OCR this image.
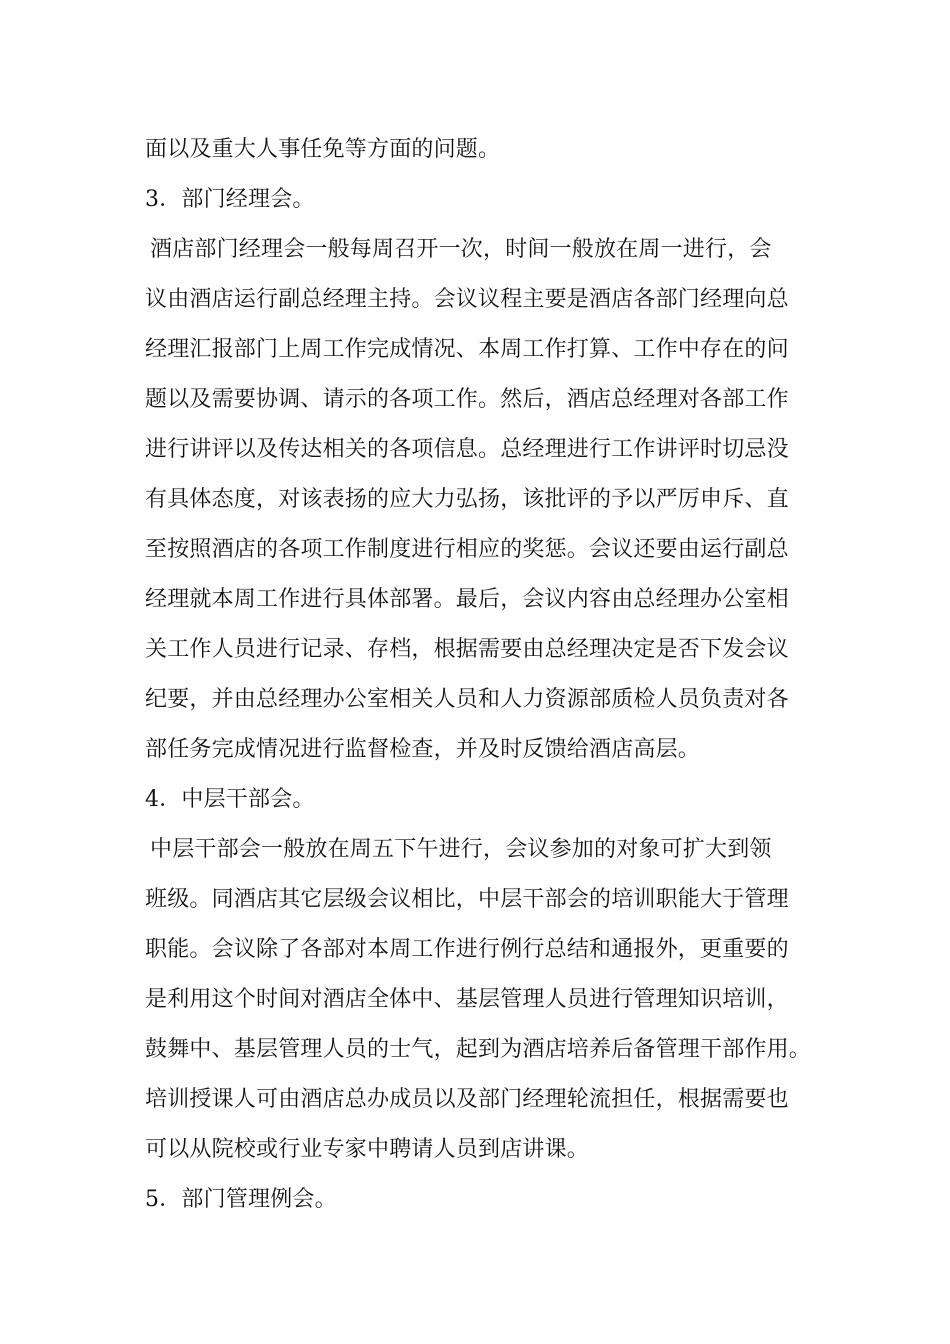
面以及重大人事任免等方面的问题。
3．部门经理会。
酒店部门经理会一般每周召开一次，时间一般放在周一进行，会
议由酒店运行副总经理主持。会议议程主要是酒店各部门经理向总
经理汇报部门上周工作完成情况、本周工作打算、工作中存在的问
题以及需要协调、请示的各项工作。然后，酒店总经理对各部工作
进行讲评以及传达相关的各项信息。总经理进行工作讲评时切忌没
有具体态度，对该表扬的应大力弘扬，该批评的予以严厉申斥、直
至按照酒店的各项工作制度进行相应的奖惩。会议还要由运行副总
经理就本周工作进行具体部署。最后，会议内容由总经理办公室相
关工作人员进行记录、存档，根据需要由总经理决定是否下发会议
纪要，并由总经理办公室相关人员和人力资源部质检人员负责对各
部任务完成情况进行监督检查，并及时反馈给酒店高层。
4．中层干部会。
中层干部会一般放在周五下午进行，会议参加的对象可扩大到领
班级。同酒店其它层级会议相比，中层干部会的培训职能大于管理
职能。会议除了各部对本周工作进行例行总结和通报外，更重要的
是利用这个时间对酒店全体中、基层管理人员进行管理知识培训，
鼓舞中、基层管理人员的士气，起到为酒店培养后备管理干部作用。
培训授课人可由酒店总办成员以及部门经理轮流担任，根据需要也
可以从院校或行业专家中聘请人员到店讲课。
5．部门管理例会。
